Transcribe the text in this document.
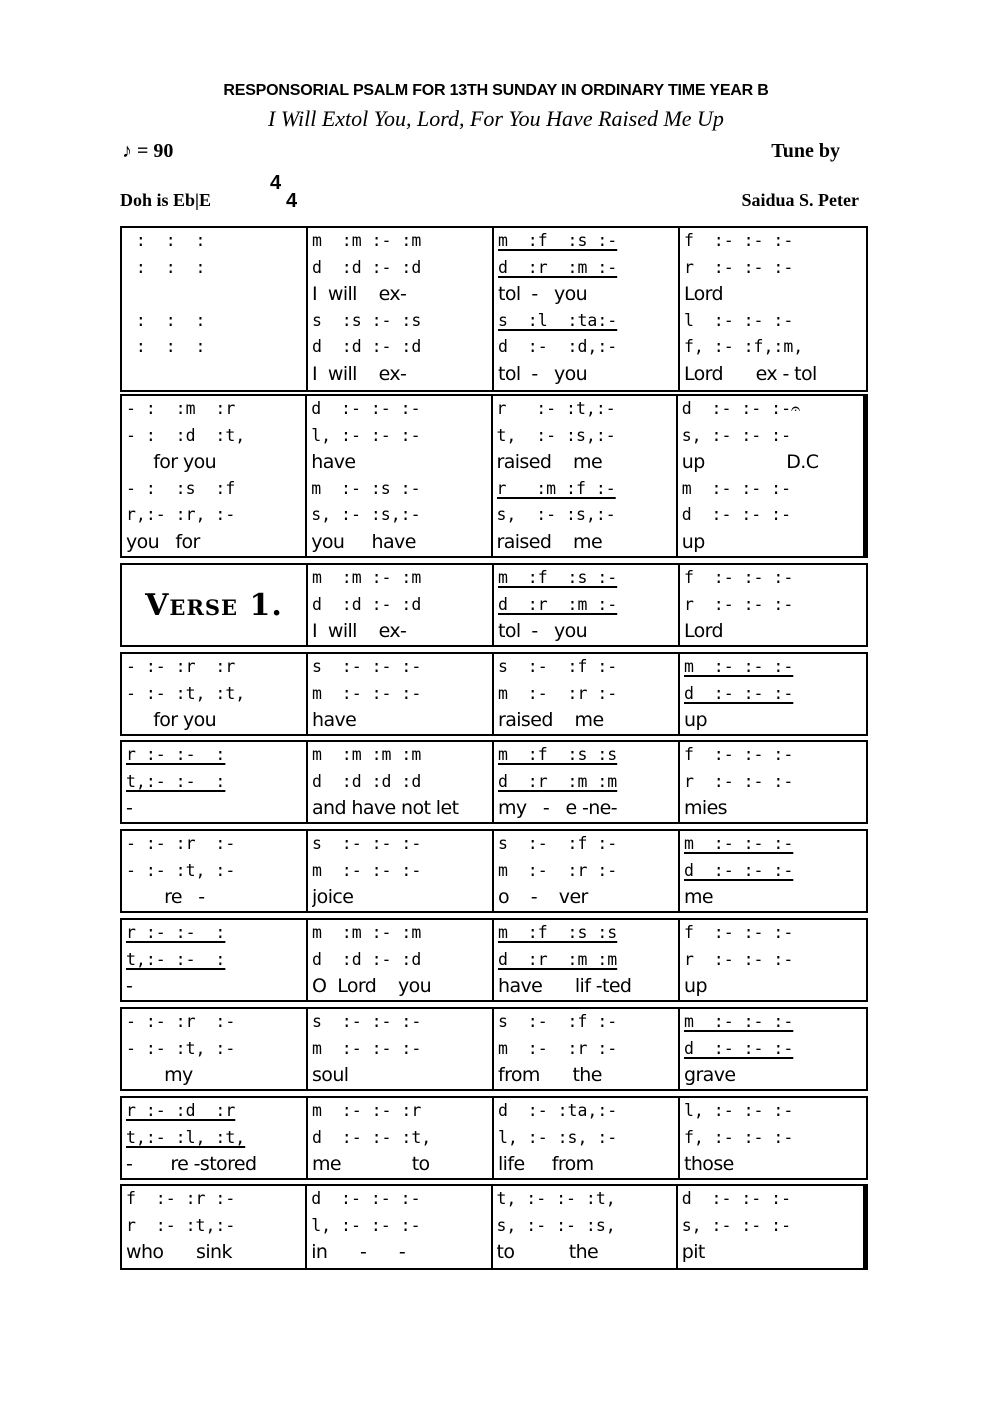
RESPONSORIAL PSALM FOR 13TH SUNDAY IN ORDINARY TIME YEAR B
I Will Extol You, Lord, For You Have Raised Me Up
♪ = 90	Tune by
Doh is Eb|E
4
4	Saidua S. Peter
:  :  :
:  :  :
:  :  :
:  :  :
m  :m :- :m
d  :d :- :d
I  will    ex-
s  :s :- :s
d  :d :- :d
I  will    ex-
m  :f  :s :-
d  :r  :m :-
tol  -   you
s  :l  :ta:-
d  :-  :d,:-
tol  -   you
f  :- :- :-
r  :- :- :-
Lord
l  :- :- :-
f, :- :f,:m,
Lord      ex - tol
- :  :m  :r
- :  :d  :t,
for you
- :  :s  :f
r,:- :r, :-
you   for
d  :- :- :-
l, :- :- :-
have
m  :- :s :-
s, :- :s,:-
you     have
r   :- :t,:-
t,  :- :s,:-
raised    me
r   :m :f :-
s,  :- :s,:-
raised    me
d  :- :- :-𝄐
s, :- :- :-
up               D.C
m  :- :- :-
d  :- :- :-
up
Verse 1.
m  :m :- :m
d  :d :- :d
I  will    ex-
m  :f  :s :-
d  :r  :m :-
tol  -   you
f  :- :- :-
r  :- :- :-
Lord
- :- :r  :r
- :- :t, :t,
for you
s  :- :- :-
m  :- :- :-
have
s  :-  :f :-
m  :-  :r :-
raised    me
m  :- :- :-
d  :- :- :-
up
r :- :-  :
t,:- :-  :
-
m  :m :m :m
d  :d :d :d
and have not let
m  :f  :s :s
d  :r  :m :m
my   -   e -ne-
f  :- :- :-
r  :- :- :-
mies
- :- :r  :-
- :- :t, :-
re   -
s  :- :- :-
m  :- :- :-
joice
s  :-  :f :-
m  :-  :r :-
o    -    ver
m  :- :- :-
d  :- :- :-
me
r :- :-  :
t,:- :-  :
-
m  :m :- :m
d  :d :- :d
O  Lord    you
m  :f  :s :s
d  :r  :m :m
have      lif -ted
f  :- :- :-
r  :- :- :-
up
- :- :r  :-
- :- :t, :-
my
s  :- :- :-
m  :- :- :-
soul
s  :-  :f :-
m  :-  :r :-
from      the
m  :- :- :-
d  :- :- :-
grave
r :- :d  :r
t,:- :l, :t,
-       re -stored
m  :- :- :r
d  :- :- :t,
me             to
d  :- :ta,:-
l, :- :s, :-
life     from
l, :- :- :-
f, :- :- :-
those
f  :- :r :-
r  :- :t,:-
who      sink
d  :- :- :-
l, :- :- :-
in      -      -
t, :- :- :t,
s, :- :- :s,
to          the
d  :- :- :-
s, :- :- :-
pit
